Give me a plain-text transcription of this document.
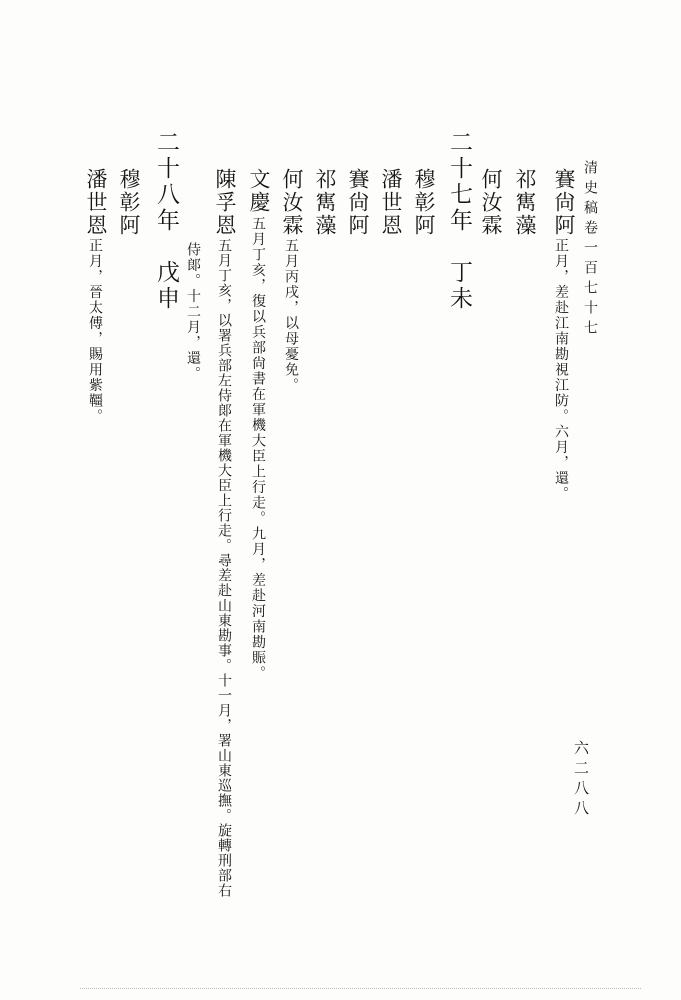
清史稿卷一百七十七
賽尙阿
正月，差赴江南勘視江防。六月，還。
祁寯藻
何汝霖
二十七年　丁未
穆彰阿
潘世恩
賽尙阿
祁寯藻
何汝霖
五月丙戌，以母憂免。
文慶
五月丁亥，復以兵部尙書在軍機大臣上行走。九月，差赴河南勘賑。
陳孚恩
五月丁亥，以署兵部左侍郞在軍機大臣上行走。尋差赴山東勘事。十一月，署山東巡撫。旋轉刑部右
侍郞。十二月，還。
二十八年　戊申
穆彰阿
潘世恩
正月，晉太傅，賜用紫韁。
六二八八
